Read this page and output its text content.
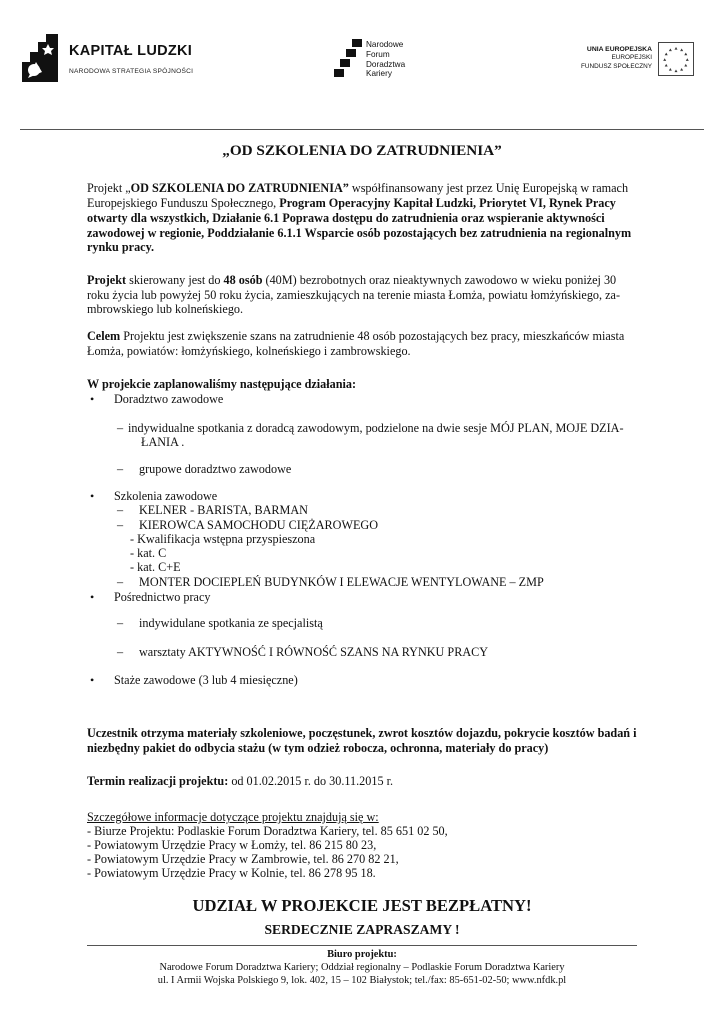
KAPITAŁ LUDZKI
NARODOWA STRATEGIA SPÓJNOŚCI
Narodowe
Forum
Doradztwa
Kariery
UNIA EUROPEJSKA
EUROPEJSKI
FUNDUSZ SPOŁECZNY
„OD SZKOLENIA DO ZATRUDNIENIA”
Projekt „OD SZKOLENIA DO ZATRUDNIENIA” współfinansowany jest przez Unię Europejską w ramach
Europejskiego Funduszu Społecznego, Program Operacyjny Kapitał Ludzki, Priorytet VI, Rynek Pracy
otwarty dla wszystkich, Działanie 6.1 Poprawa dostępu do zatrudnienia oraz wspieranie aktywności
zawodowej w regionie, Poddziałanie 6.1.1 Wsparcie osób pozostających bez zatrudnienia na regionalnym
rynku pracy.
Projekt skierowany jest do 48 osób (40M) bezrobotnych oraz nieaktywnych zawodowo w wieku poniżej 30
roku życia lub powyżej 50 roku życia, zamieszkujących na terenie miasta Łomża, powiatu łomżyńskiego, za-
mbrowskiego lub kolneńskiego.
Celem Projektu jest zwiększenie szans na zatrudnienie 48 osób pozostających bez pracy, mieszkańców miasta
Łomża, powiatów: łomżyńskiego, kolneńskiego i zambrowskiego.
W projekcie zaplanowaliśmy następujące działania:
Doradztwo zawodowe
– indywidualne spotkania z doradcą zawodowym, podzielone na dwie sesje MÓJ PLAN, MOJE DZIA-
ŁANIA .
– grupowe doradztwo zawodowe
Szkolenia zawodowe
– KELNER - BARISTA, BARMAN
– KIEROWCA SAMOCHODU CIĘŻAROWEGO
- Kwalifikacja wstępna przyspieszona
- kat. C
- kat. C+E
– MONTER DOCIEPLEŃ BUDYNKÓW I ELEWACJE WENTYLOWANE – ZMP
Pośrednictwo pracy
– indywidulane spotkania ze specjalistą
– warsztaty AKTYWNOŚĆ I RÓWNOŚĆ SZANS NA RYNKU PRACY
Staże zawodowe (3 lub 4 miesięczne)
Uczestnik otrzyma materiały szkoleniowe, poczęstunek, zwrot kosztów dojazdu, pokrycie kosztów badań i
niezbędny pakiet do odbycia stażu (w tym odzież robocza, ochronna, materiały do pracy)
Termin realizacji projektu: od 01.02.2015 r. do 30.11.2015 r.
Szczegółowe informacje dotyczące projektu znajdują się w:
- Biurze Projektu: Podlaskie Forum Doradztwa Kariery, tel. 85 651 02 50,
- Powiatowym Urzędzie Pracy w Łomży, tel. 86 215 80 23,
- Powiatowym Urzędzie Pracy w Zambrowie, tel. 86 270 82 21,
- Powiatowym Urzędzie Pracy w Kolnie, tel. 86 278 95 18.
UDZIAŁ W PROJEKCIE JEST BEZPŁATNY!
SERDECZNIE ZAPRASZAMY !
Biuro projektu:
Narodowe Forum Doradztwa Kariery; Oddział regionalny – Podlaskie Forum Doradztwa Kariery
ul. I Armii Wojska Polskiego 9, lok. 402, 15 – 102 Białystok; tel./fax: 85-651-02-50; www.nfdk.pl
